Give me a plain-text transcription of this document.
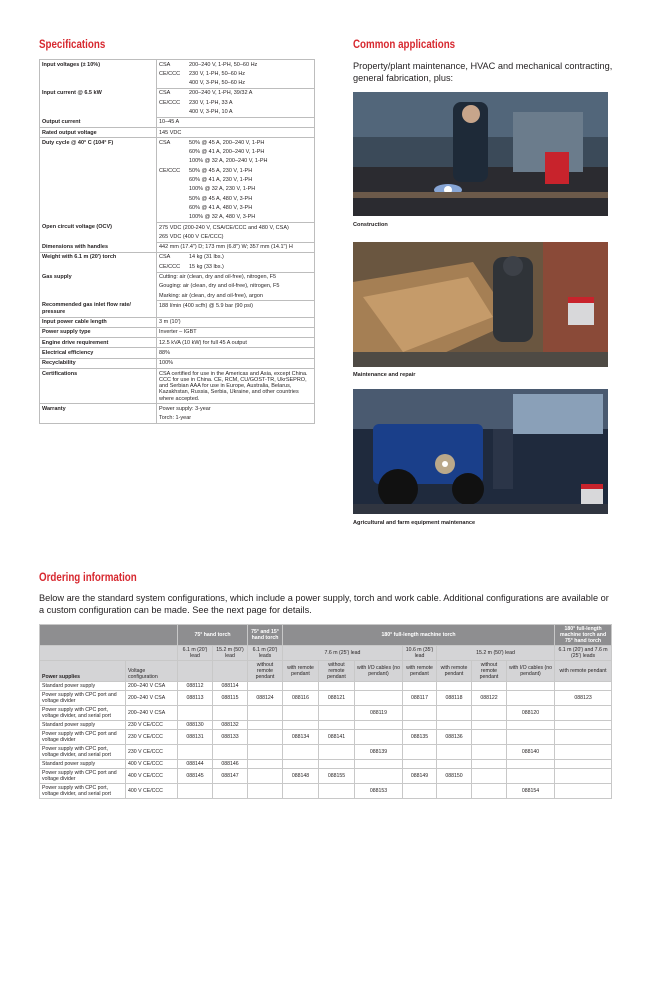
Specifications
Input voltages (± 10%)	CSA	200–240 V, 1-PH, 50–60 Hz
	CE/CCC	230 V, 1-PH, 50–60 Hz
		400 V, 3-PH, 50–60 Hz
Input current @ 6.5 kW	CSA	200–240 V, 1-PH, 39/32 A
	CE/CCC	230 V, 1-PH, 33 A
		400 V, 3-PH, 10 A
Output current	10–45 A	
Rated output voltage	145 VDC	
Duty cycle @ 40° C (104° F)	CSA	50% @ 45 A, 200–240 V, 1-PH
		60% @ 41 A, 200–240 V, 1-PH
		100% @ 32 A, 200–240 V, 1-PH
	CE/CCC	50% @ 45 A, 230 V, 1-PH
		60% @ 41 A, 230 V, 1-PH
		100% @ 32 A, 230 V, 1-PH
		50% @ 45 A, 480 V, 3-PH
		60% @ 41 A, 480 V, 3-PH
		100% @ 32 A, 480 V, 3-PH
Open circuit voltage (OCV)	275 VDC (200-240 V, CSA/CE/CCC and 480 V, CSA)	
	265 VDC (400 V CE/CCC)	
Dimensions with handles	442 mm (17.4") D; 173 mm (6.8") W; 357 mm (14.1") H	
Weight with 6.1 m (20') torch	CSA	14 kg (31 lbs.)
	CE/CCC	15 kg (33 lbs.)
Gas supply	Cutting: air (clean, dry and oil-free), nitrogen, F5	
	Gouging: air (clean, dry and oil-free), nitrogen, F5	
	Marking: air (clean, dry and oil-free), argon	
Recommended gas inlet flow rate/ pressure	188 l/min (400 scfh) @ 5.9 bar (90 psi)	
Input power cable length	3 m (10')	
Power supply type	Inverter – IGBT	
Engine drive requirement	12.5 kVA (10 kW) for full 45 A output	
Electrical efficiency	88%	
Recyclability	100%	
Certifications	CSA certified for use in the Americas and Asia, except China. CCC for use in China. CE, RCM, CU/GOST-TR, UkrSEPRO, and Serbian AAA for use in Europe, Australia, Belarus, Kazakhstan, Russia, Serbia, Ukraine, and other countries where accepted.	
Warranty	Power supply: 3-year	
	Torch: 1-year	
Common applications
Property/plant maintenance, HVAC and mechanical contracting, general fabrication, plus:
Construction
Maintenance and repair
Agricultural and farm equipment maintenance
Ordering information
Below are the standard system configurations, which include a power supply, torch and work cable. Additional configurations are available or a custom configuration can be made. See the next page for details.
		75° hand torch		75° and 15° hand torch	180° full-length machine torch							180° full-length machine torch and 75° hand torch
		6.1 m (20') lead	15.2 m (50') lead	6.1 m (20') leads	7.6 m (25') lead			10.6 m (35') lead	15.2 m (50') lead			6.1 m (20') and 7.6 m (25') leads
Power supplies	Voltage configuration			without remote pendant	with remote pendant	without remote pendant	with I/O cables (no pendant)	with remote pendant	with remote pendant	without remote pendant	with I/O cables (no pendant)	with remote pendant
Standard power supply	200–240 V CSA	088112	088114									
Power supply with CPC port and voltage divider	200–240 V CSA	088113	088115	088124	088116	088121		088117	088118	088122		088123
Power supply with CPC port, voltage divider, and serial port	200–240 V CSA						088119				088120	
Standard power supply	230 V CE/CCC	088130	088132									
Power supply with CPC port and voltage divider	230 V CE/CCC	088131	088133		088134	088141		088135	088136			
Power supply with CPC port, voltage divider, and serial port	230 V CE/CCC						088139				088140	
Standard power supply	400 V CE/CCC	088144	088146									
Power supply with CPC port and voltage divider	400 V CE/CCC	088145	088147		088148	088155		088149	088150			
Power supply with CPC port, voltage divider, and serial port	400 V CE/CCC						088153				088154	
